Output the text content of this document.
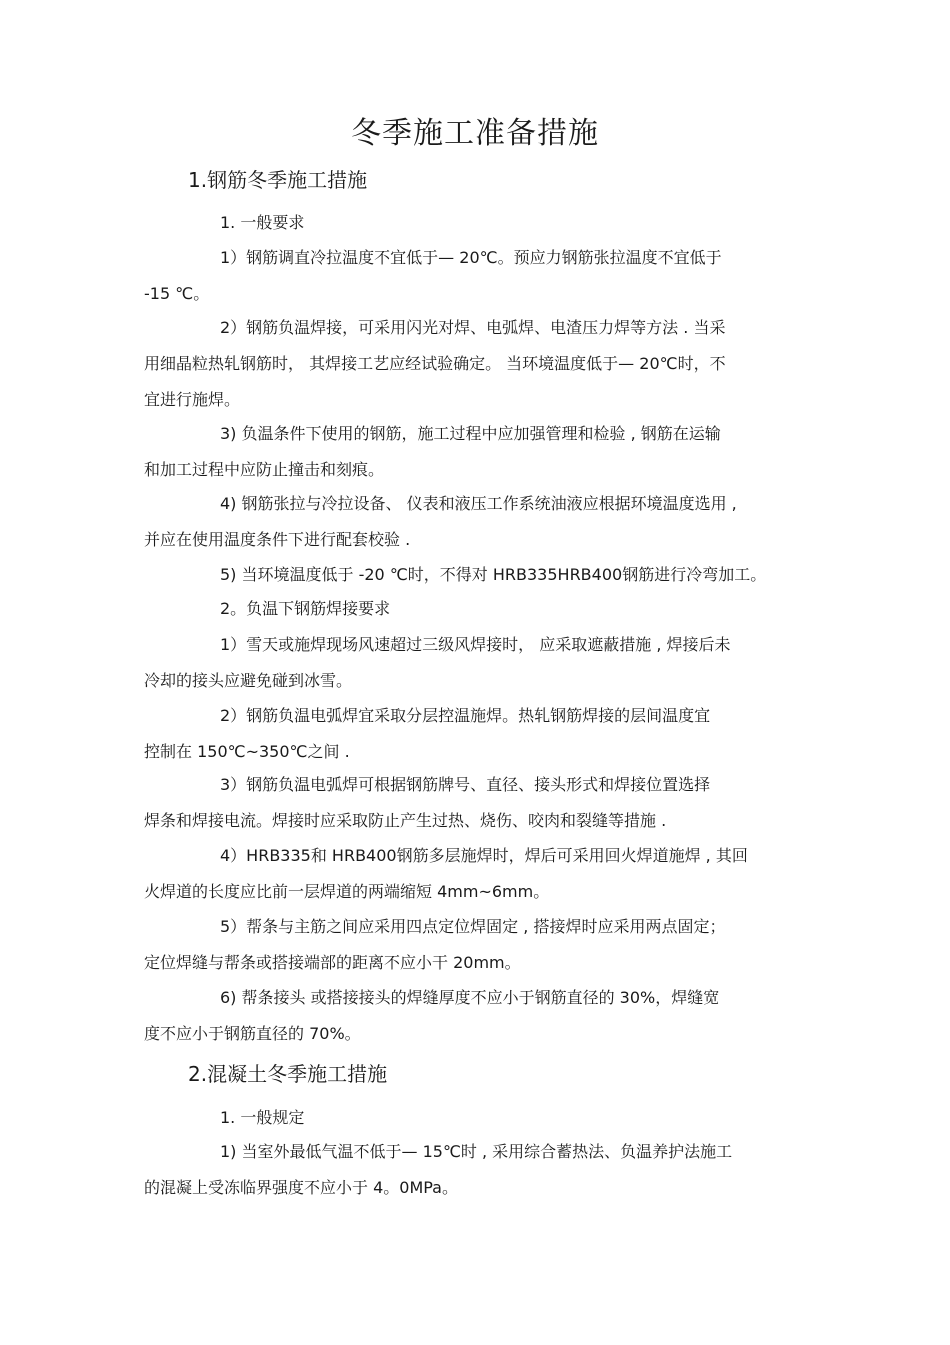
冬季施工准备措施
1.钢筋冬季施工措施
1. 一般要求
1）钢筋调直冷拉温度不宜低于— 20℃。预应力钢筋张拉温度不宜低于
-15 ℃。
2）钢筋负温焊接，可采用闪光对焊、电弧焊、电渣压力焊等方法 . 当采
用细晶粒热轧钢筋时， 其焊接工艺应经试验确定。 当环境温度低于— 20℃时，不
宜进行施焊。
3) 负温条件下使用的钢筋，施工过程中应加强管理和检验 , 钢筋在运输
和加工过程中应防止撞击和刻痕。
4) 钢筋张拉与冷拉设备、 仪表和液压工作系统油液应根据环境温度选用 ,
并应在使用温度条件下进行配套校验 .
5) 当环境温度低于 -20 ℃时，不得对 HRB335HRB400钢筋进行冷弯加工。
2。负温下钢筋焊接要求
1）雪天或施焊现场风速超过三级风焊接时， 应采取遮蔽措施 , 焊接后未
冷却的接头应避免碰到冰雪。
2）钢筋负温电弧焊宜采取分层控温施焊。热轧钢筋焊接的层间温度宜
控制在 150℃~350℃之间 .
3）钢筋负温电弧焊可根据钢筋牌号、直径、接头形式和焊接位置选择
焊条和焊接电流。焊接时应采取防止产生过热、烧伤、咬肉和裂缝等措施 .
4）HRB335和 HRB400钢筋多层施焊时，焊后可采用回火焊道施焊 , 其回
火焊道的长度应比前一层焊道的两端缩短 4mm~6mm。
5）帮条与主筋之间应采用四点定位焊固定 , 搭接焊时应采用两点固定；
定位焊缝与帮条或搭接端部的距离不应小干 20mm。
6) 帮条接头 或搭接接头的焊缝厚度不应小于钢筋直径的 30%，焊缝宽
度不应小于钢筋直径的 70%。
2.混凝土冬季施工措施
1. 一般规定
1) 当室外最低气温不低于— 15℃时 , 采用综合蓄热法、负温养护法施工
的混凝上受冻临界强度不应小于 4。0MPa。
